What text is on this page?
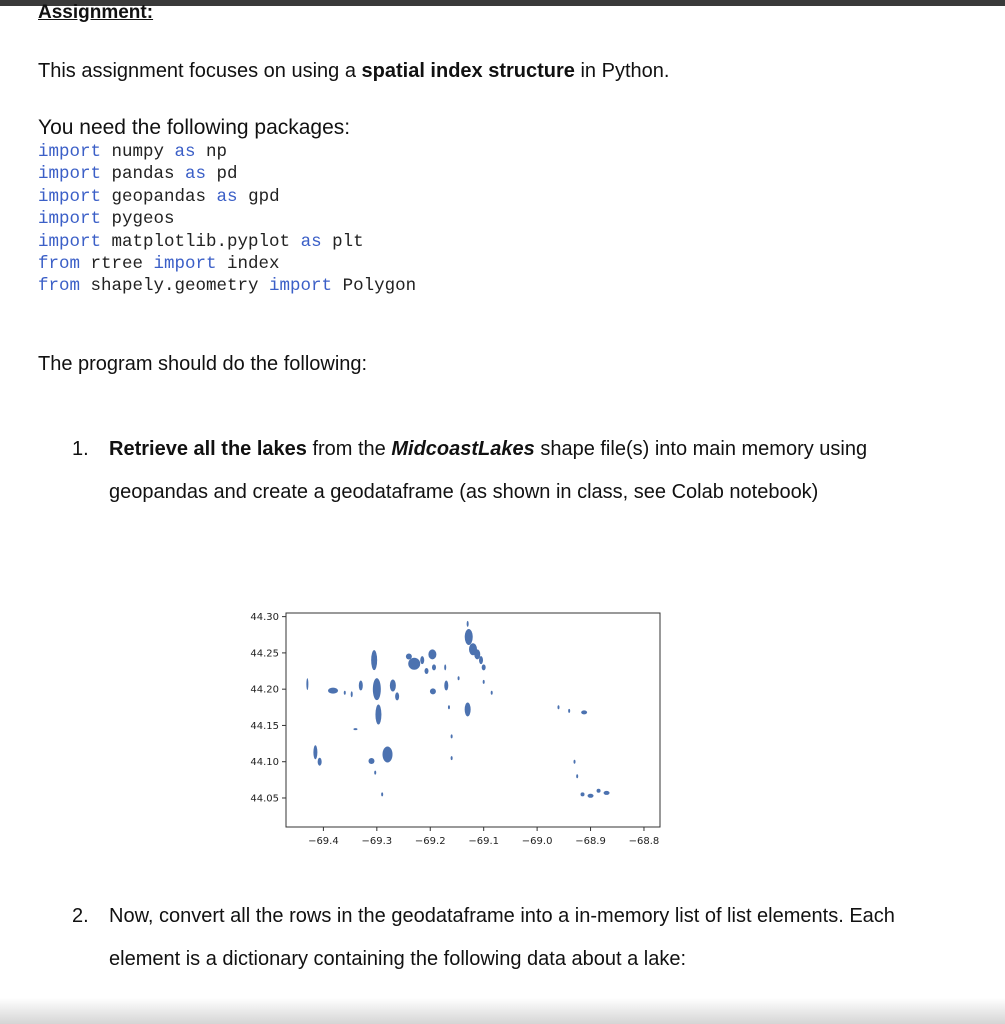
Assignment:

This assignment focuses on using a spatial index structure in Python.

You need the following packages:

import numpy as np
import pandas as pd
import geopandas as gpd
import pygeos
import matplotlib.pyplot as plt
from rtree import index
from shapely.geometry import Polygon

The program should do the following:

1. Retrieve all the lakes from the MidcoastLakes shape file(s) into main memory using geopandas and create a geodataframe (as shown in class, see Colab notebook)
44.30
44.25
44.20
44.15
44.10
44.05
−69.4 −69.3 −69.2 −69.1 −69.0 −68.9 −68.8
2. Now, convert all the rows in the geodataframe into a in-memory list of list elements. Each element is a dictionary containing the following data about a lake:
